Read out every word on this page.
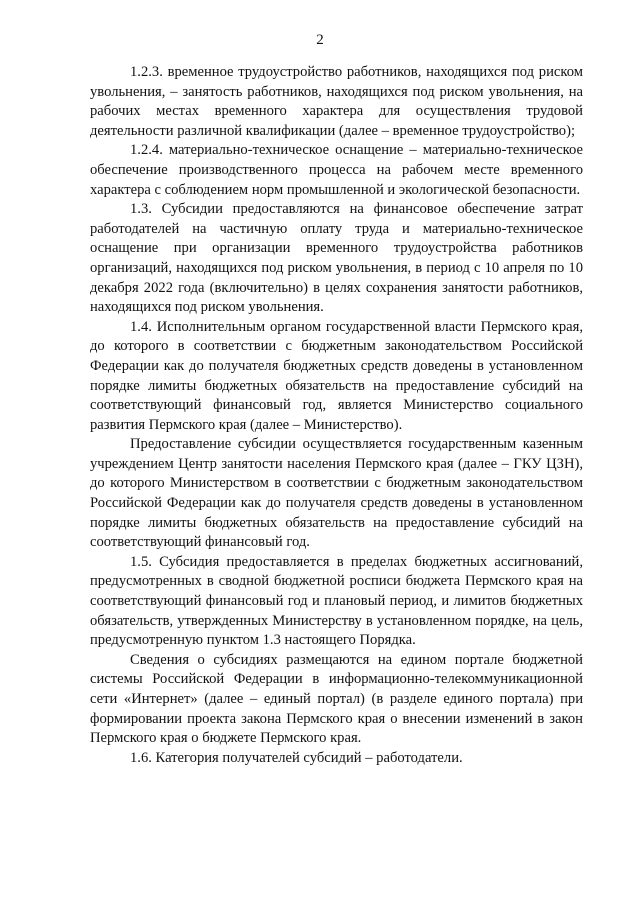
2

1.2.3. временное трудоустройство работников, находящихся под риском увольнения, – занятость работников, находящихся под риском увольнения, на рабочих местах временного характера для осуществления трудовой деятельности различной квалификации (далее – временное трудоустройство);

1.2.4. материально-техническое оснащение – материально-техническое обеспечение производственного процесса на рабочем месте временного характера с соблюдением норм промышленной и экологической безопасности.

1.3. Субсидии предоставляются на финансовое обеспечение затрат работодателей на частичную оплату труда и материально-техническое оснащение при организации временного трудоустройства работников организаций, находящихся под риском увольнения, в период с 10 апреля по 10 декабря 2022 года (включительно) в целях сохранения занятости работников, находящихся под риском увольнения.

1.4. Исполнительным органом государственной власти Пермского края, до которого в соответствии с бюджетным законодательством Российской Федерации как до получателя бюджетных средств доведены в установленном порядке лимиты бюджетных обязательств на предоставление субсидий на соответствующий финансовый год, является Министерство социального развития Пермского края (далее – Министерство).

Предоставление субсидии осуществляется государственным казенным учреждением Центр занятости населения Пермского края (далее – ГКУ ЦЗН), до которого Министерством в соответствии с бюджетным законодательством Российской Федерации как до получателя средств доведены в установленном порядке лимиты бюджетных обязательств на предоставление субсидий на соответствующий финансовый год.

1.5. Субсидия предоставляется в пределах бюджетных ассигнований, предусмотренных в сводной бюджетной росписи бюджета Пермского края на соответствующий финансовый год и плановый период, и лимитов бюджетных обязательств, утвержденных Министерству в установленном порядке, на цель, предусмотренную пунктом 1.3 настоящего Порядка.

Сведения о субсидиях размещаются на едином портале бюджетной системы Российской Федерации в информационно-телекоммуникационной сети «Интернет» (далее – единый портал) (в разделе единого портала) при формировании проекта закона Пермского края о внесении изменений в закон Пермского края о бюджете Пермского края.

1.6. Категория получателей субсидий – работодатели.
